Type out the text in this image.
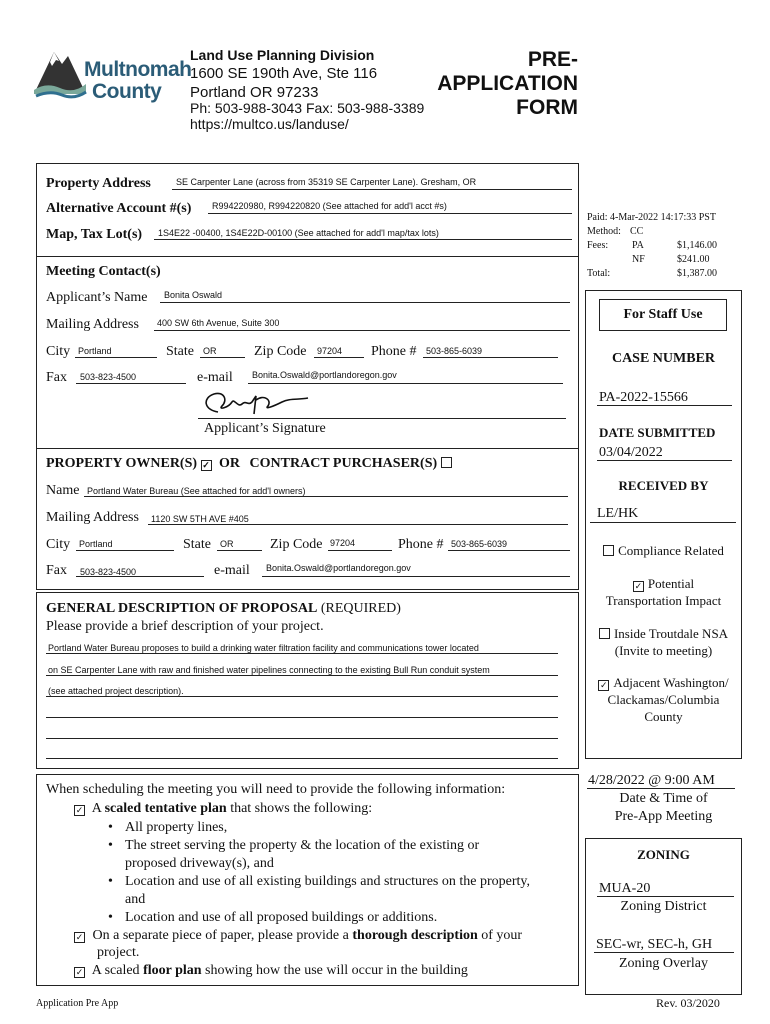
Multnomah
County
Land Use Planning Division
1600 SE 190th Ave, Ste 116
Portland OR 97233
Ph: 503-988-3043 Fax: 503-988-3389
https://multco.us/landuse/
PRE-
APPLICATION
FORM
Property Address	SE Carpenter Lane (across from 35319 SE Carpenter Lane). Gresham, OR
Alternative Account #(s) R994220980, R994220820 (See attached for add'l acct #s)
Map, Tax Lot(s) 1S4E22 -00400, 1S4E22D-00100 (See attached for add'l map/tax lots)
Meeting Contact(s)
Applicant’s Name Bonita Oswald
Mailing Address 400 SW 6th Avenue, Suite 300
City Portland	State OR	Zip Code 97204 Phone # 503-865-6039
Fax 503-823-4500	e-mail Bonita.Oswald@portlandoregon.gov
Applicant’s Signature
PROPERTY OWNER(S) ✓ OR CONTRACT PURCHASER(S)
Name Portland Water Bureau (See attached for add'l owners)
Mailing Address 1120 SW 5TH AVE #405
City Portland	State OR	Zip Code 97204	Phone # 503-865-6039
Fax 503-823-4500	e-mail Bonita.Oswald@portlandoregon.gov
GENERAL DESCRIPTION OF PROPOSAL (REQUIRED)
Please provide a brief description of your project.
Portland Water Bureau proposes to build a drinking water filtration facility and communications tower located
on SE Carpenter Lane with raw and finished water pipelines connecting to the existing Bull Run conduit system
(see attached project description).
When scheduling the meeting you will need to provide the following information:
✓ A scaled tentative plan that shows the following:
• All property lines,
• The street serving the property & the location of the existing or
proposed driveway(s), and
• Location and use of all existing buildings and structures on the property,
and
• Location and use of all proposed buildings or additions.
✓ On a separate piece of paper, please provide a thorough description of your
project.
✓ A scaled floor plan showing how the use will occur in the building
Paid: 4-Mar-2022 14:17:33 PST
Method: CC
Fees: PA	$1,146.00
NF	$241.00
Total:	$1,387.00
For Staff Use
CASE NUMBER
PA-2022-15566
DATE SUBMITTED
03/04/2022
RECEIVED BY
LE/HK
Compliance Related
✓ Potential
Transportation Impact
Inside Troutdale NSA
(Invite to meeting)
✓ Adjacent Washington/
Clackamas/Columbia
County
4/28/2022 @ 9:00 AM
Date & Time of
Pre-App Meeting
ZONING
MUA-20
Zoning District
SEC-wr, SEC-h, GH
Zoning Overlay
Application Pre App	Rev. 03/2020
